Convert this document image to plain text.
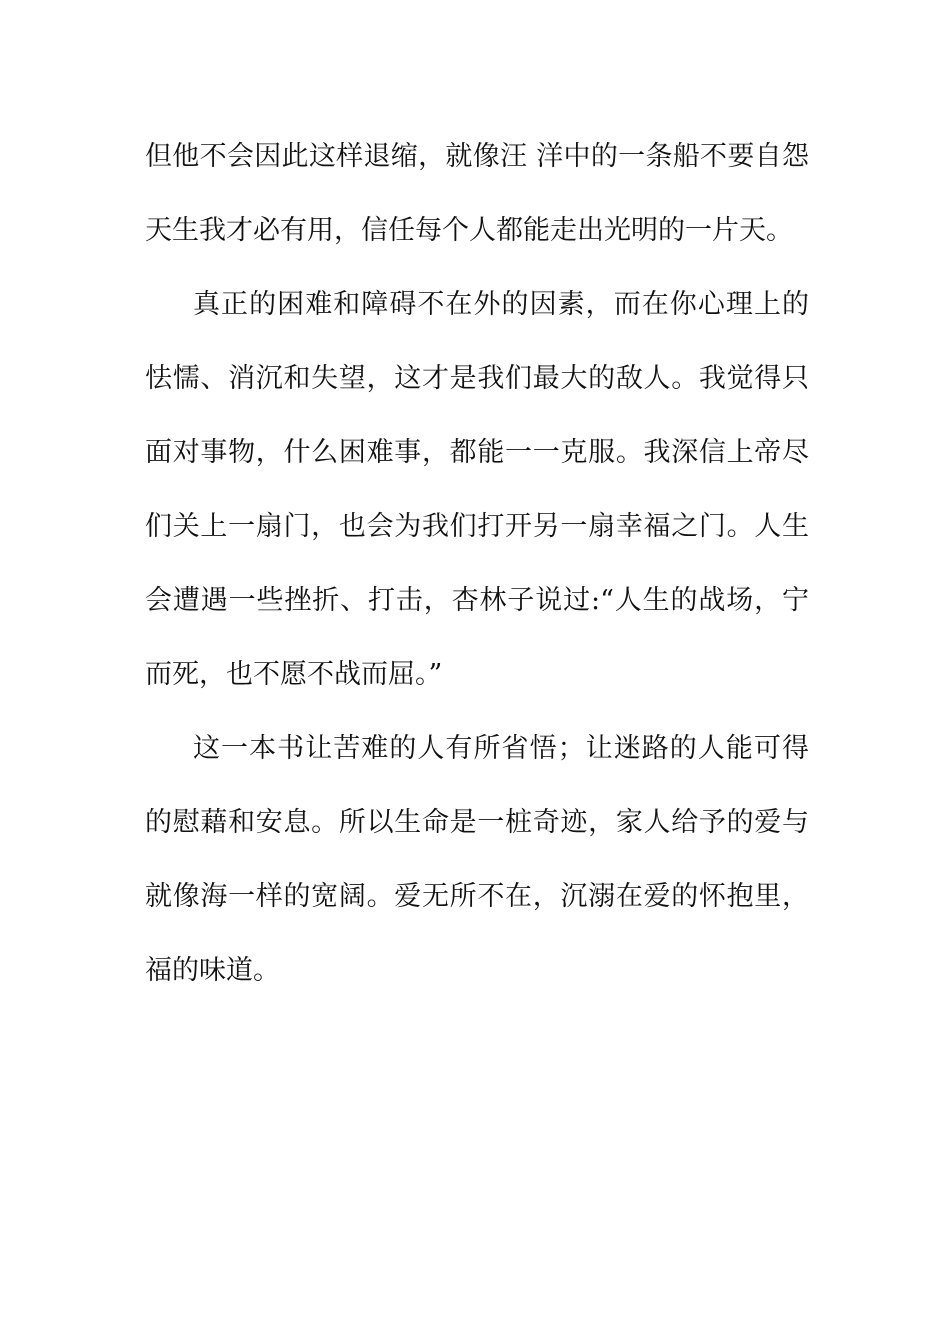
但他不会因此这样退缩，就像汪 洋中的一条船不要自怨
天生我才必有用，信任每个人都能走出光明的一片天。
真正的困难和障碍不在外的因素，而在你心理上的
怯懦、消沉和失望，这才是我们最大的敌人。我觉得只
面对事物，什么困难事，都能一一克服。我深信上帝尽
们关上一扇门，也会为我们打开另一扇幸福之门。人生
会遭遇一些挫折、打击，杏林子说过:“人生的战场，宁
而死，也不愿不战而屈。”
这一本书让苦难的人有所省悟；让迷路的人能可得
的慰藉和安息。所以生命是一桩奇迹，家人给予的爱与
就像海一样的宽阔。爱无所不在，沉溺在爱的怀抱里，
福的味道。
